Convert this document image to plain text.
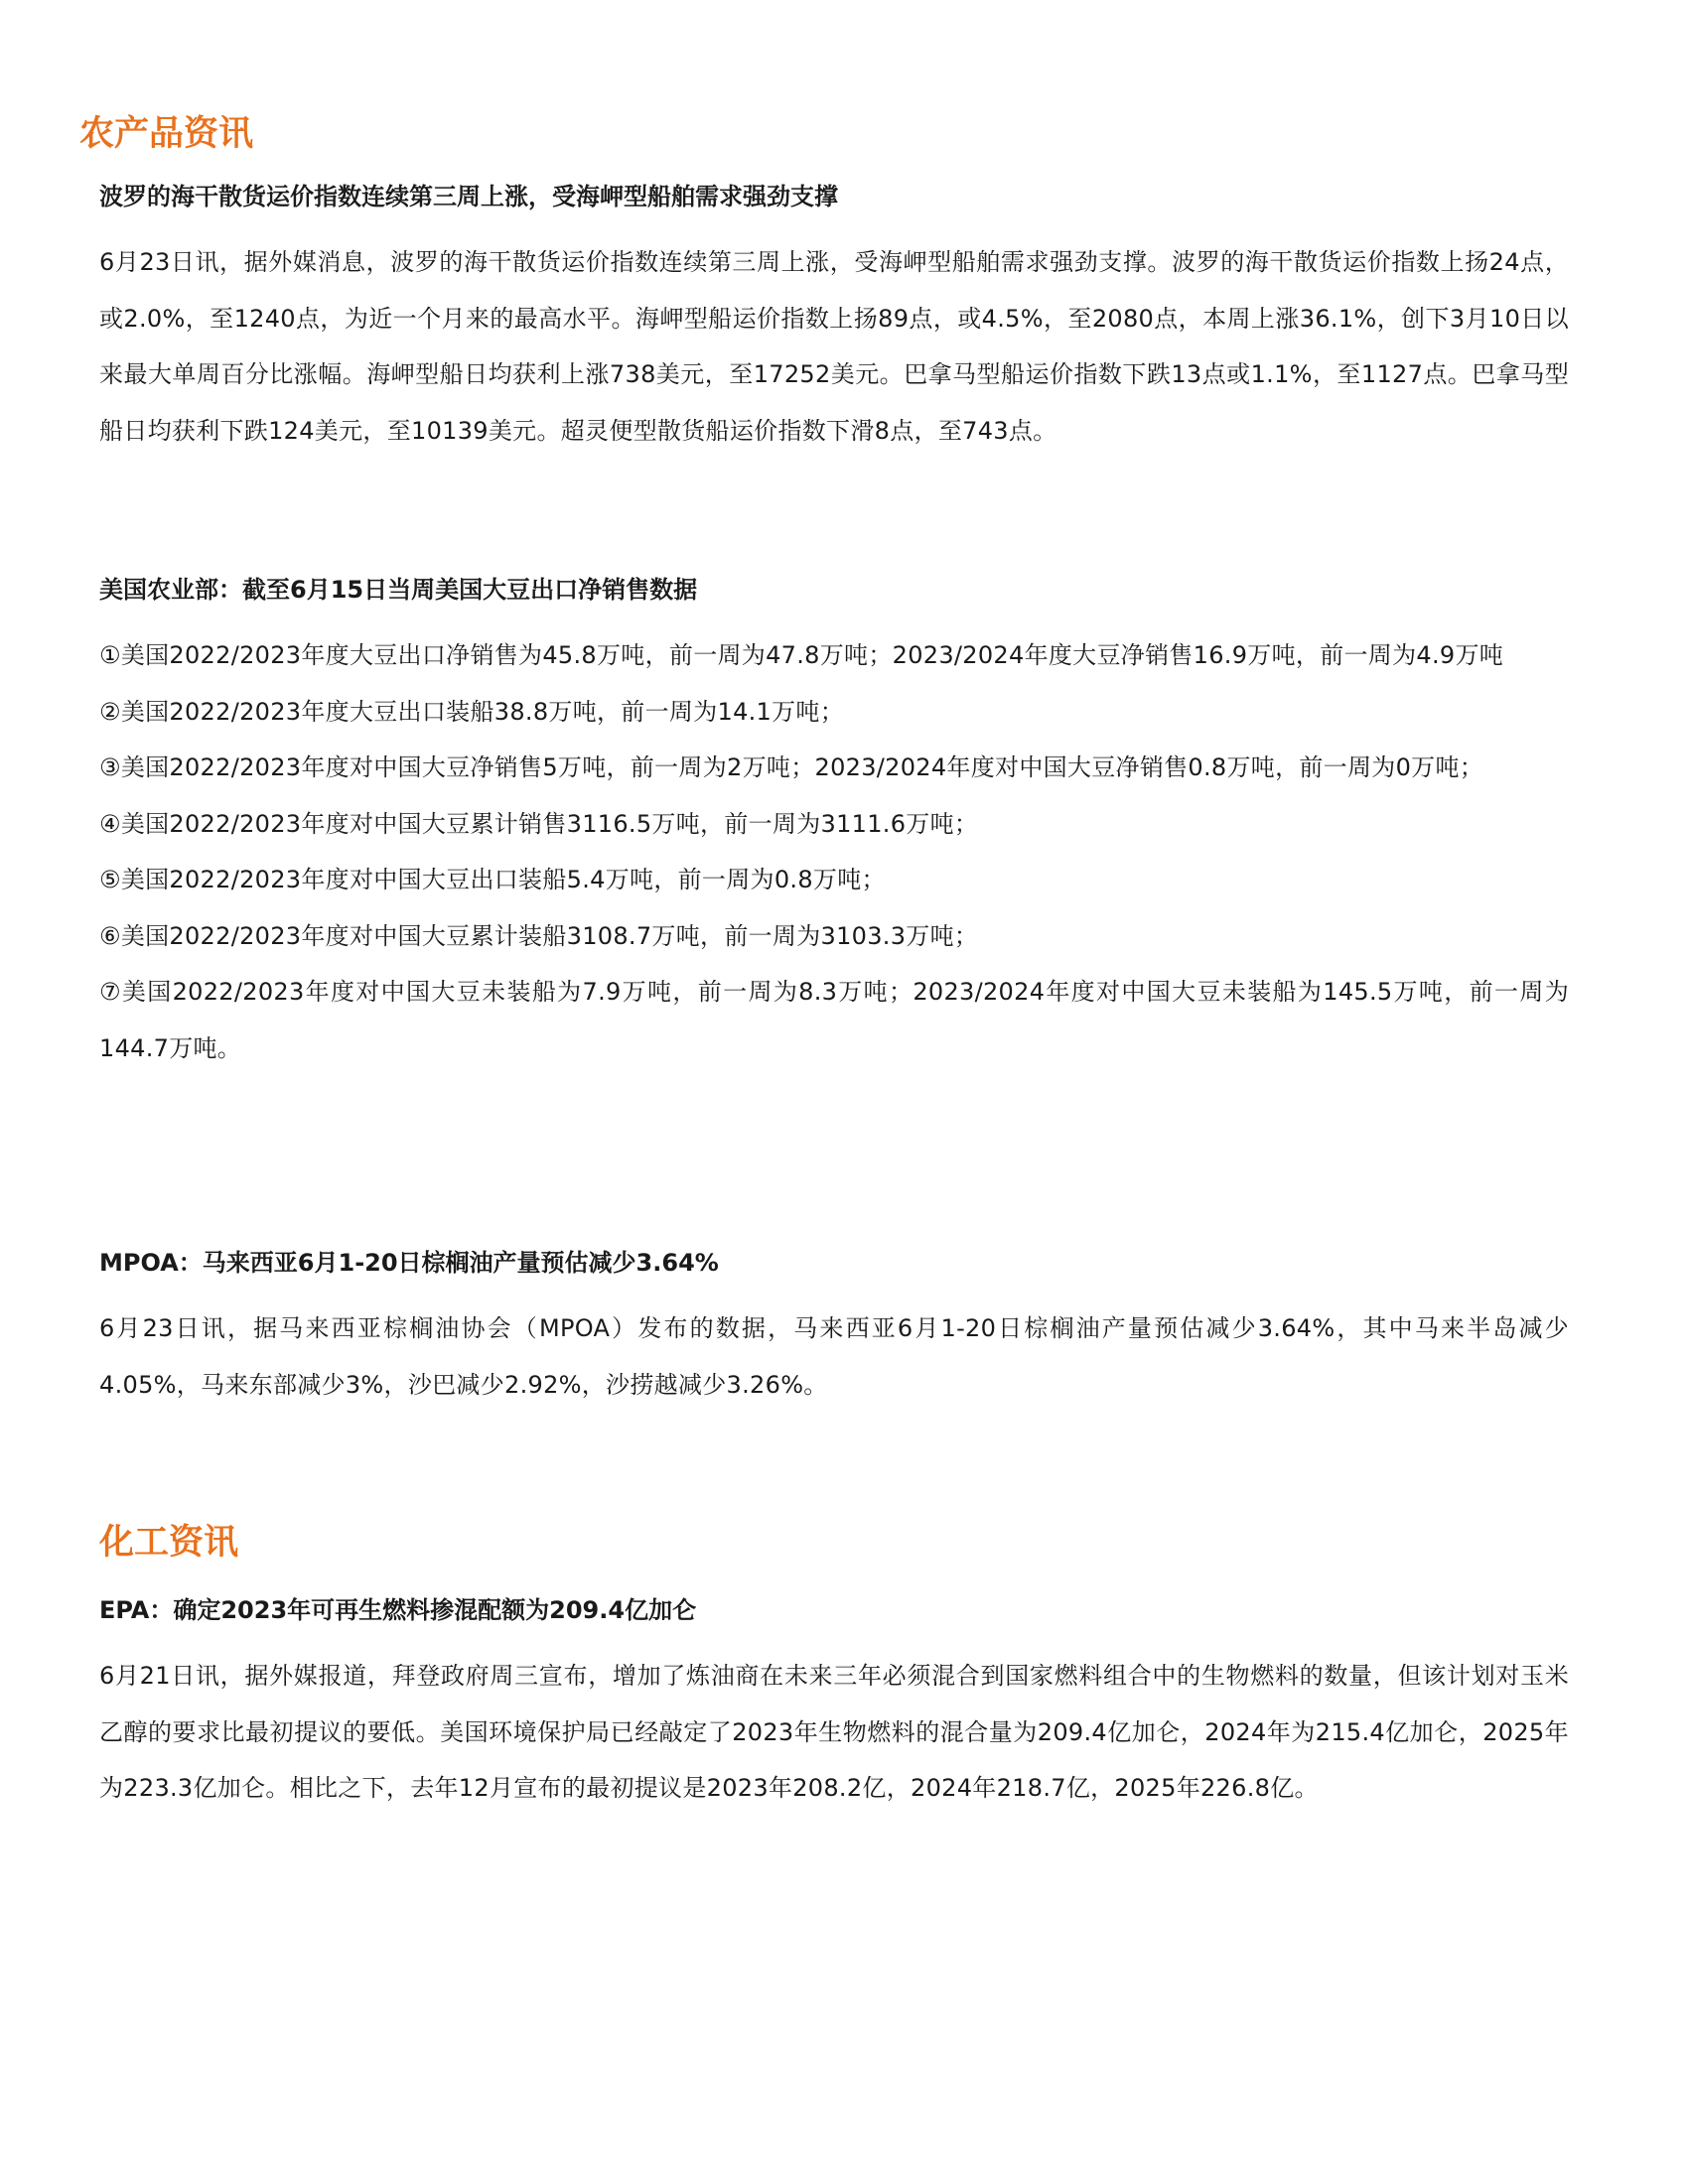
农产品资讯
波罗的海干散货运价指数连续第三周上涨，受海岬型船舶需求强劲支撑

6月23日讯，据外媒消息，波罗的海干散货运价指数连续第三周上涨，受海岬型船舶需求强劲支撑。波罗的海干散货运价指数上扬24点，或2.0%，至1240点，为近一个月来的最高水平。海岬型船运价指数上扬89点，或4.5%，至2080点，本周上涨36.1%，创下3月10日以来最大单周百分比涨幅。海岬型船日均获利上涨738美元，至17252美元。巴拿马型船运价指数下跌13点或1.1%，至1127点。巴拿马型船日均获利下跌124美元，至10139美元。超灵便型散货船运价指数下滑8点，至743点。

美国农业部：截至6月15日当周美国大豆出口净销售数据
①美国2022/2023年度大豆出口净销售为45.8万吨，前一周为47.8万吨；2023/2024年度大豆净销售16.9万吨，前一周为4.9万吨
②美国2022/2023年度大豆出口装船38.8万吨，前一周为14.1万吨；
③美国2022/2023年度对中国大豆净销售5万吨，前一周为2万吨；2023/2024年度对中国大豆净销售0.8万吨，前一周为0万吨；
④美国2022/2023年度对中国大豆累计销售3116.5万吨，前一周为3111.6万吨；
⑤美国2022/2023年度对中国大豆出口装船5.4万吨，前一周为0.8万吨；
⑥美国2022/2023年度对中国大豆累计装船3108.7万吨，前一周为3103.3万吨；
⑦美国2022/2023年度对中国大豆未装船为7.9万吨，前一周为8.3万吨；2023/2024年度对中国大豆未装船为145.5万吨，前一周为144.7万吨。
MPOA：马来西亚6月1-20日棕榈油产量预估减少3.64%

6月23日讯，据马来西亚棕榈油协会（MPOA）发布的数据，马来西亚6月1-20日棕榈油产量预估减少3.64%，其中马来半岛减少4.05%，马来东部减少3%，沙巴减少2.92%，沙捞越减少3.26%。

化工资讯
EPA：确定2023年可再生燃料掺混配额为209.4亿加仑

6月21日讯，据外媒报道，拜登政府周三宣布，增加了炼油商在未来三年必须混合到国家燃料组合中的生物燃料的数量，但该计划对玉米乙醇的要求比最初提议的要低。美国环境保护局已经敲定了2023年生物燃料的混合量为209.4亿加仑，2024年为215.4亿加仑，2025年为223.3亿加仑。相比之下，去年12月宣布的最初提议是2023年208.2亿，2024年218.7亿，2025年226.8亿。
